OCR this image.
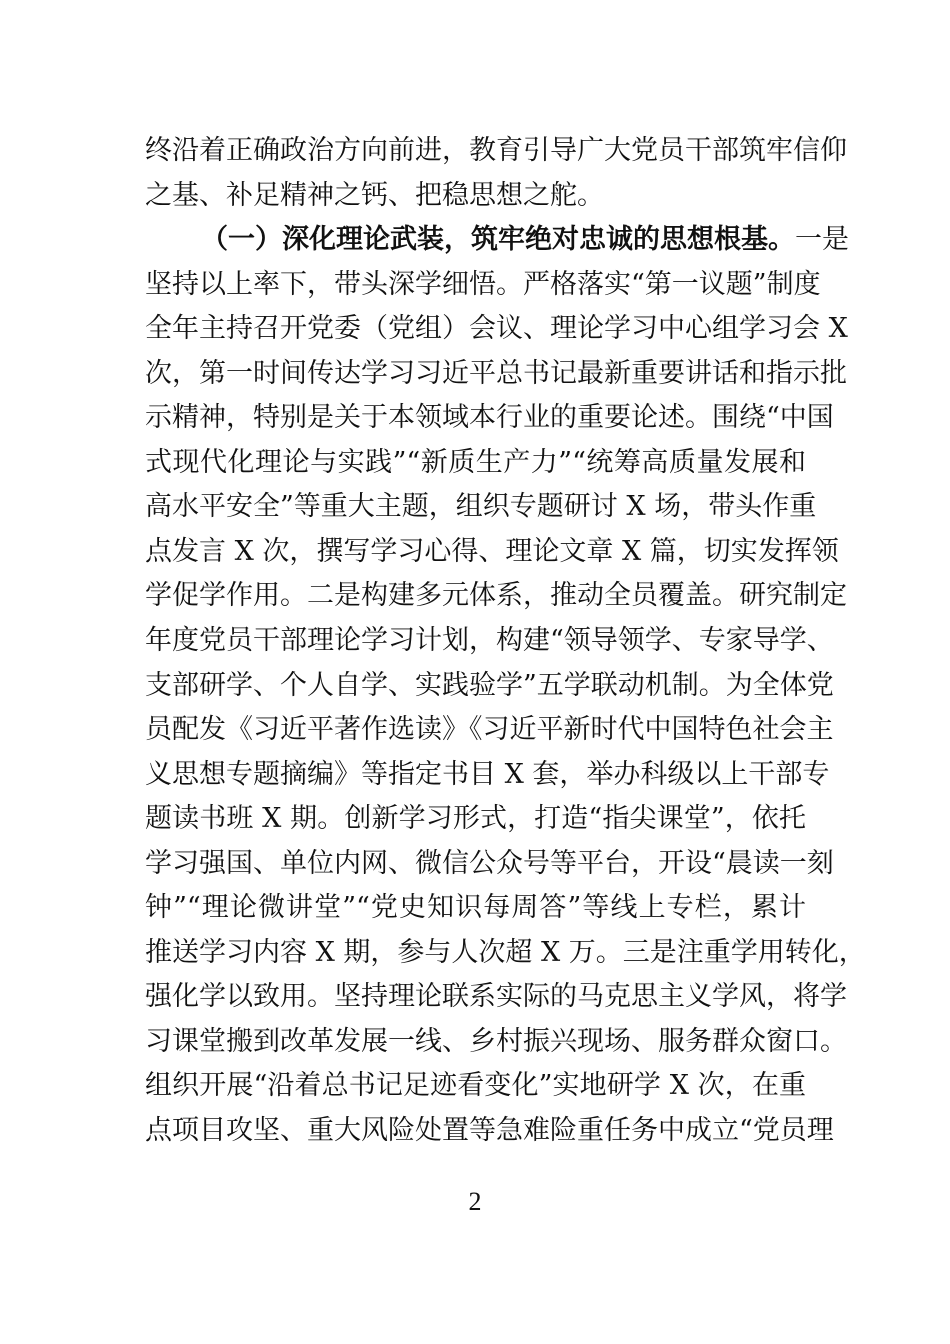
终沿着正确政治方向前进，教育引导广大党员干部筑牢信仰
之基、补足精神之钙、把稳思想之舵。
（一）深化理论武装，筑牢绝对忠诚的思想根基。一是
坚持以上率下，带头深学细悟。严格落实“第一议题”制度
全年主持召开党委（党组）会议、理论学习中心组学习会 X
次，第一时间传达学习习近平总书记最新重要讲话和指示批
示精神，特别是关于本领域本行业的重要论述。围绕“中国
式现代化理论与实践”“新质生产力”“统筹高质量发展和
高水平安全”等重大主题，组织专题研讨 X 场，带头作重
点发言 X 次，撰写学习心得、理论文章 X 篇，切实发挥领
学促学作用。二是构建多元体系，推动全员覆盖。研究制定
年度党员干部理论学习计划，构建“领导领学、专家导学、
支部研学、个人自学、实践验学”五学联动机制。为全体党
员配发《习近平著作选读》《习近平新时代中国特色社会主
义思想专题摘编》等指定书目 X 套，举办科级以上干部专
题读书班 X 期。创新学习形式，打造“指尖课堂”，依托
学习强国、单位内网、微信公众号等平台，开设“晨读一刻
钟”“理论微讲堂”“党史知识每周答”等线上专栏，累计
推送学习内容 X 期，参与人次超 X 万。三是注重学用转化，
强化学以致用。坚持理论联系实际的马克思主义学风，将学
习课堂搬到改革发展一线、乡村振兴现场、服务群众窗口。
组织开展“沿着总书记足迹看变化”实地研学 X 次，在重
点项目攻坚、重大风险处置等急难险重任务中成立“党员理
2
